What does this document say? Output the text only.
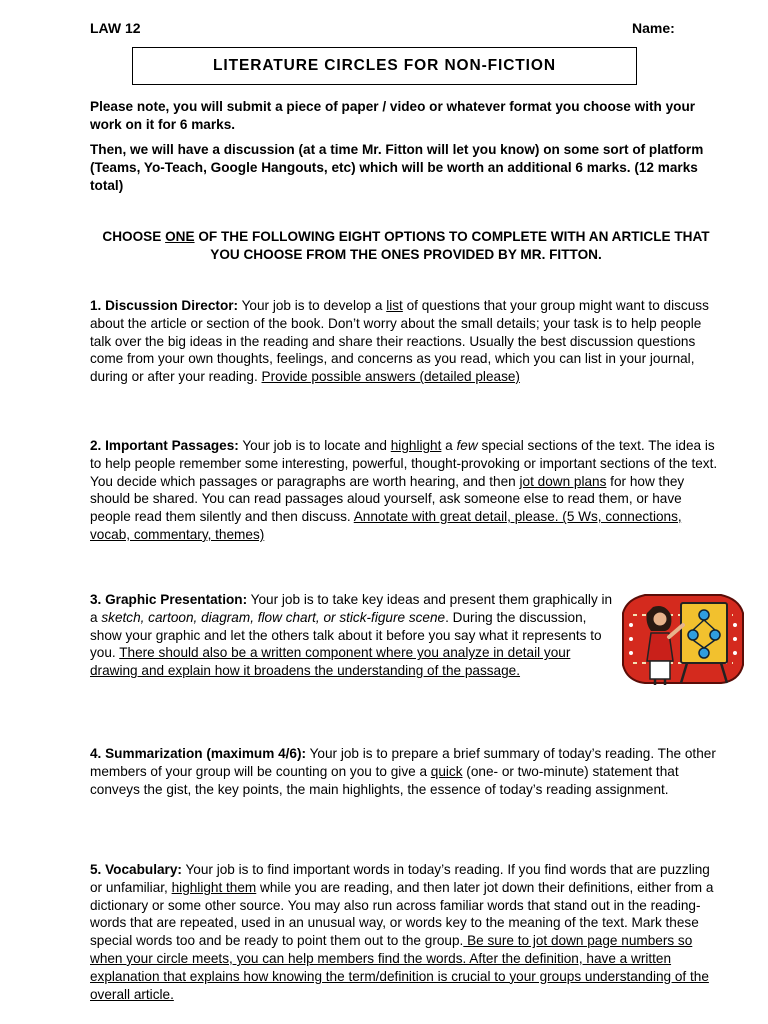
LAW 12	Name:
LITERATURE CIRCLES FOR NON-FICTION
Please note, you will submit a piece of paper / video or whatever format you choose with your work on it for 6 marks.
Then, we will have a discussion (at a time Mr. Fitton will let you know) on some sort of platform (Teams, Yo-Teach, Google Hangouts, etc) which will be worth an additional 6 marks. (12 marks total)
CHOOSE ONE OF THE FOLLOWING EIGHT OPTIONS TO COMPLETE WITH AN ARTICLE THAT YOU CHOOSE FROM THE ONES PROVIDED BY MR. FITTON.
1. Discussion Director: Your job is to develop a list of questions that your group might want to discuss about the article or section of the book. Don’t worry about the small details; your task is to help people talk over the big ideas in the reading and share their reactions. Usually the best discussion questions come from your own thoughts, feelings, and concerns as you read, which you can list in your journal, during or after your reading. Provide possible answers (detailed please)
2. Important Passages: Your job is to locate and highlight a few special sections of the text. The idea is to help people remember some interesting, powerful, thought-provoking or important sections of the text. You decide which passages or paragraphs are worth hearing, and then jot down plans for how they should be shared. You can read passages aloud yourself, ask someone else to read them, or have people read them silently and then discuss. Annotate with great detail, please. (5 Ws, connections, vocab, commentary, themes)
3. Graphic Presentation: Your job is to take key ideas and present them graphically in a sketch, cartoon, diagram, flow chart, or stick-figure scene. During the discussion, show your graphic and let the others talk about it before you say what it represents to you. There should also be a written component where you analyze in detail your drawing and explain how it broadens the understanding of the passage.
4. Summarization (maximum 4/6): Your job is to prepare a brief summary of today’s reading. The other members of your group will be counting on you to give a quick (one- or two-minute) statement that conveys the gist, the key points, the main highlights, the essence of today’s reading assignment.
5. Vocabulary: Your job is to find important words in today’s reading. If you find words that are puzzling or unfamiliar, highlight them while you are reading, and then later jot down their definitions, either from a dictionary or some other source. You may also run across familiar words that stand out in the reading-words that are repeated, used in an unusual way, or words key to the meaning of the text. Mark these special words too and be ready to point them out to the group. Be sure to jot down page numbers so when your circle meets, you can help members find the words. After the definition, have a written explanation that explains how knowing the term/definition is crucial to your groups understanding of the overall article.
